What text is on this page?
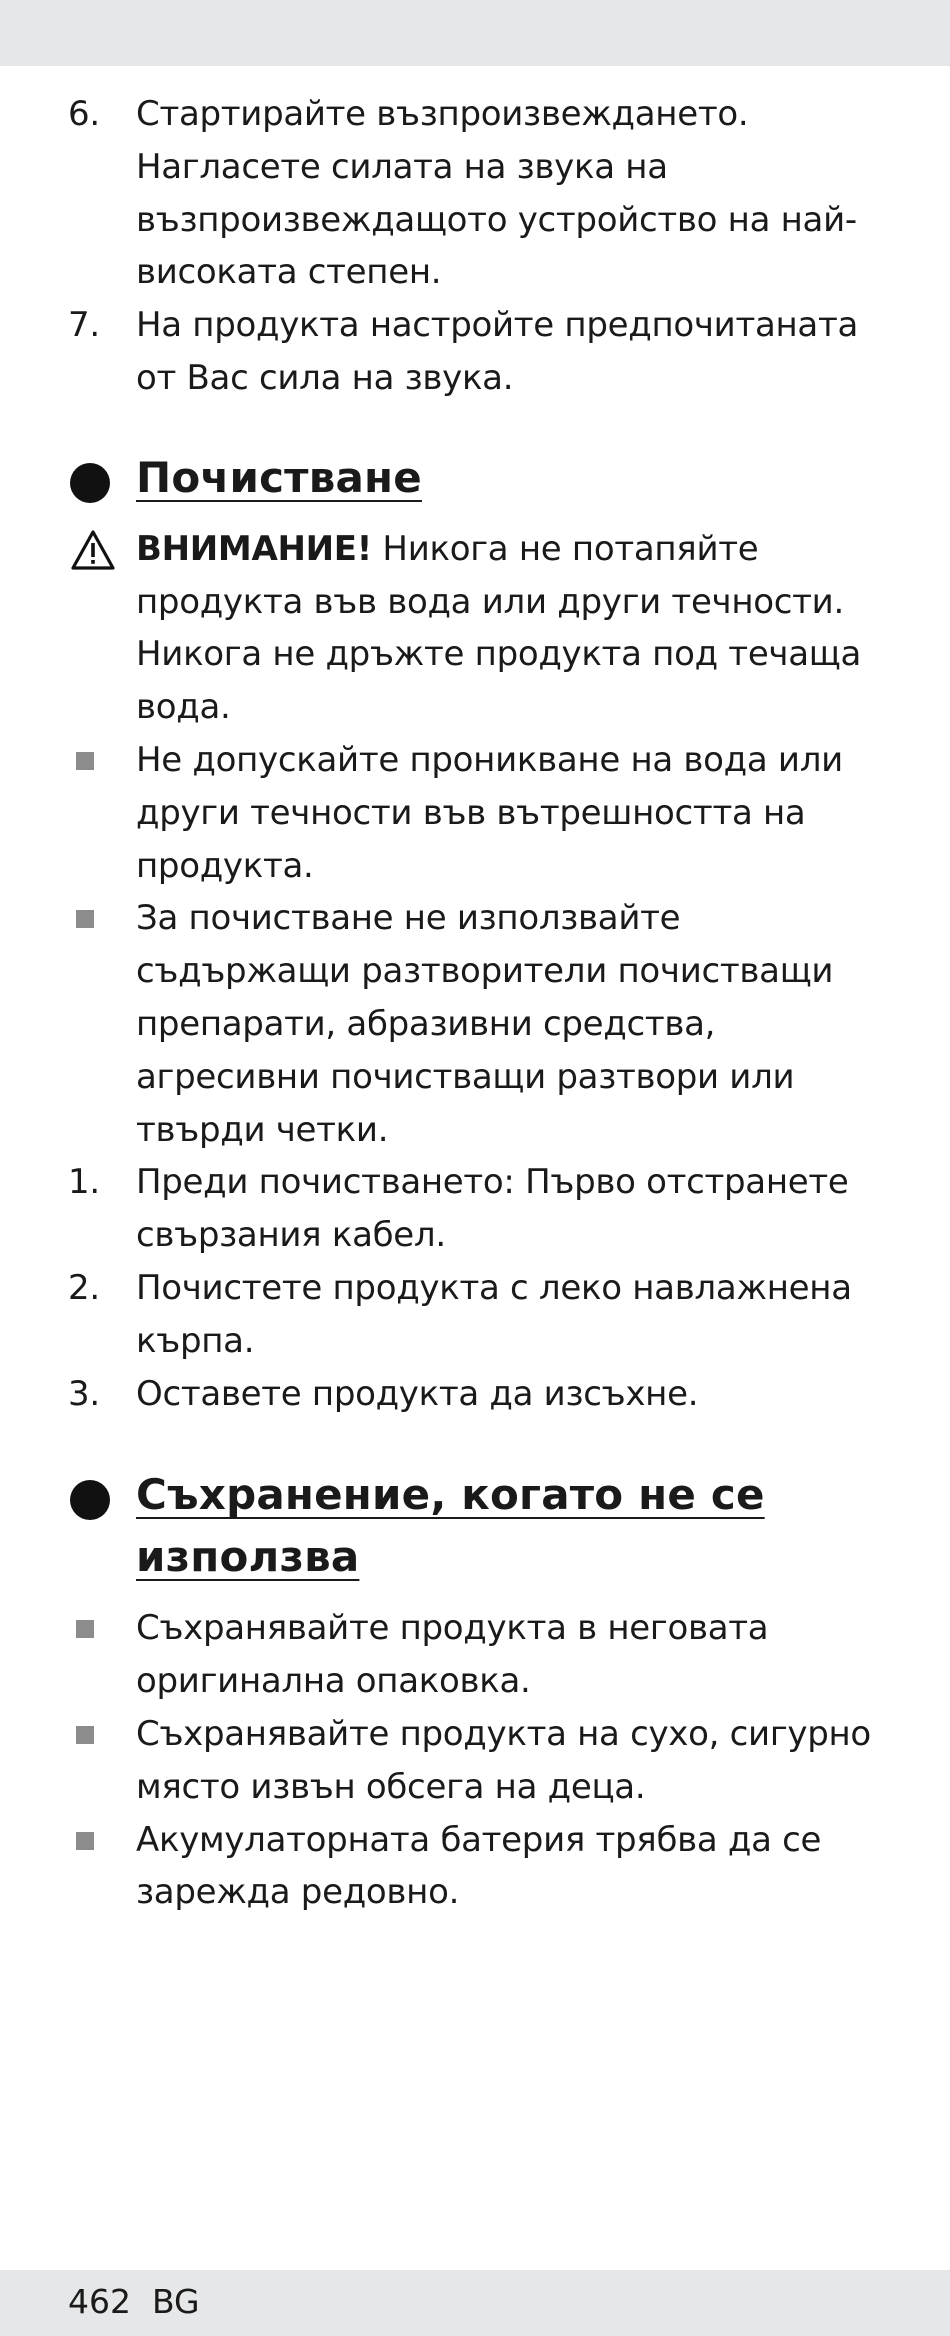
6.	Стартирайте възпроизвеждането. Нагласете силата на звука на възпроизвеждащото устройство на най-високата степен.
7.	На продукта настройте предпочитаната от Вас сила на звука.
Почистване
ВНИМАНИЕ! Никога не потапяйте продукта във вода или други течности. Никога не дръжте продукта под течаща вода.
Не допускайте проникване на вода или други течности във вътрешността на продукта.
За почистване не използвайте съдържащи разтворители почистващи препарати, абразивни средства, агресивни почистващи разтвори или твърди четки.
1.	Преди почистването: Първо отстранете свързания кабел.
2.	Почистете продукта с леко навлажнена кърпа.
3.	Оставете продукта да изсъхне.
Съхранение, когато не се използва
Съхранявайте продукта в неговата оригинална опаковка.
Съхранявайте продукта на сухо, сигурно място извън обсега на деца.
Акумулаторната батерия трябва да се зарежда редовно.
462 BG
